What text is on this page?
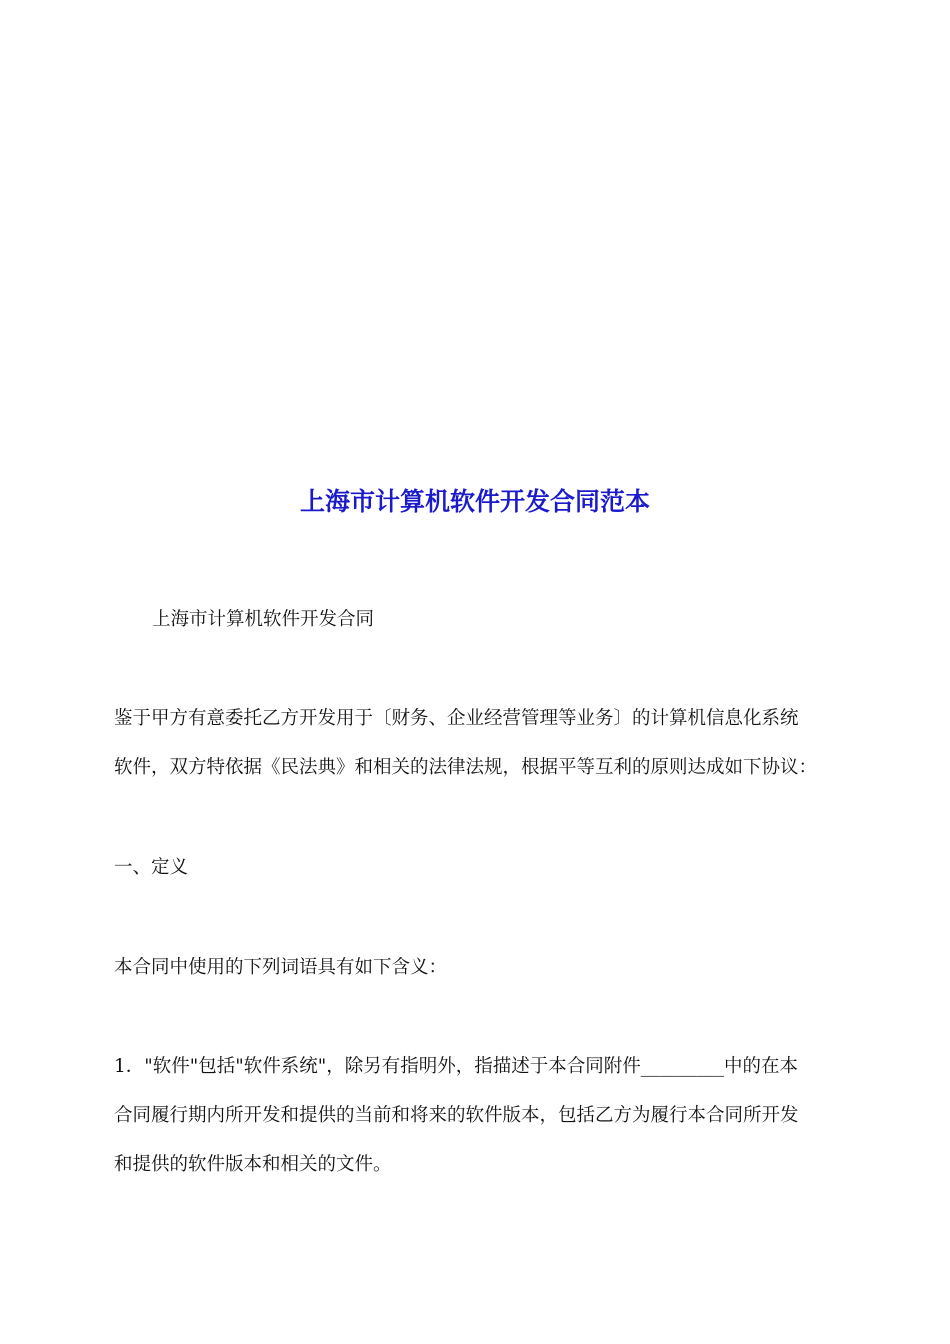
上海市计算机软件开发合同范本

上海市计算机软件开发合同

鉴于甲方有意委托乙方开发用于〔财务、企业经营管理等业务〕的计算机信息化系统
软件，双方特依据《民法典》和相关的法律法规，根据平等互利的原则达成如下协议：

一、定义

本合同中使用的下列词语具有如下含义：

1．"软件"包括"软件系统"，除另有指明外，指描述于本合同附件_________中的在本
合同履行期内所开发和提供的当前和将来的软件版本，包括乙方为履行本合同所开发
和提供的软件版本和相关的文件。
